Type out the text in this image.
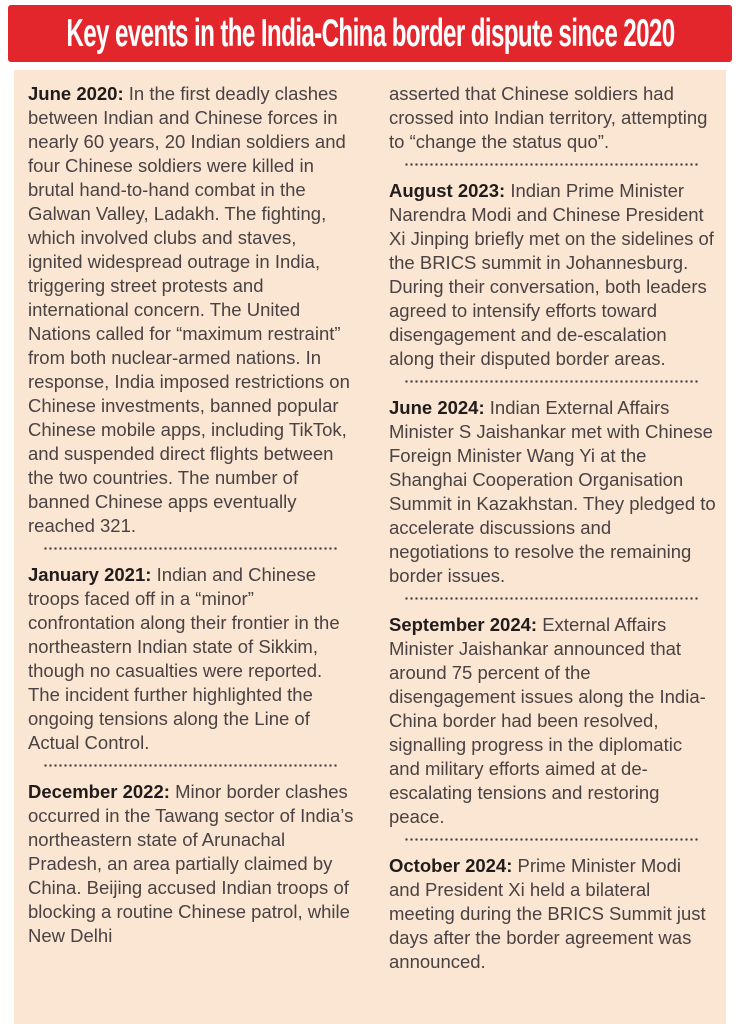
Key events in the India-China border dispute since 2020

June 2020: In the first deadly clashes between Indian and Chinese forces in nearly 60 years, 20 Indian soldiers and four Chinese soldiers were killed in brutal hand-to-hand combat in the Galwan Valley, Ladakh. The fighting, which involved clubs and staves, ignited widespread outrage in India, triggering street protests and international concern. The United Nations called for “maximum restraint” from both nuclear-armed nations. In response, India imposed restrictions on Chinese investments, banned popular Chinese mobile apps, including TikTok, and suspended direct flights between the two countries. The number of banned Chinese apps eventually reached 321.

January 2021: Indian and Chinese troops faced off in a “minor” confrontation along their frontier in the northeastern Indian state of Sikkim, though no casualties were reported. The incident further highlighted the ongoing tensions along the Line of Actual Control.

December 2022: Minor border clashes occurred in the Tawang sector of India’s northeastern state of Arunachal Pradesh, an area partially claimed by China. Beijing accused Indian troops of blocking a routine Chinese patrol, while New Delhi

asserted that Chinese soldiers had crossed into Indian territory, attempting to “change the status quo”.

August 2023: Indian Prime Minister Narendra Modi and Chinese President Xi Jinping briefly met on the sidelines of the BRICS summit in Johannesburg. During their conversation, both leaders agreed to intensify efforts toward disengagement and de-escalation along their disputed border areas.

June 2024: Indian External Affairs Minister S Jaishankar met with Chinese Foreign Minister Wang Yi at the Shanghai Cooperation Organisation Summit in Kazakhstan. They pledged to accelerate discussions and negotiations to resolve the remaining border issues.

September 2024: External Affairs Minister Jaishankar announced that around 75 percent of the disengagement issues along the India-China border had been resolved, signalling progress in the diplomatic and military efforts aimed at de-escalating tensions and restoring peace.

October 2024: Prime Minister Modi and President Xi held a bilateral meeting during the BRICS Summit just days after the border agreement was announced.
